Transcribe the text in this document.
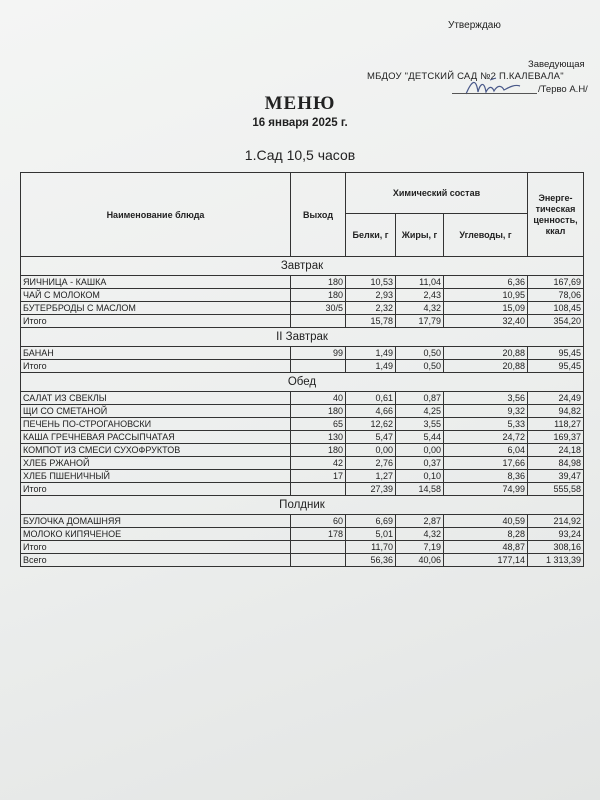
Утверждаю
Заведующая
МБДОУ "ДЕТСКИЙ САД №2 П.КАЛЕВАЛА"
/Терво А.Н/
МЕНЮ
16 января 2025 г.
1.Сад 10,5 часов
Наименование блюда	Выход	Химический состав			Энерге-
тическая
ценность,
ккал
		Белки, г	Жиры, г	Углеводы, г	
Завтрак					
ЯИЧНИЦА - КАШКА	180	10,53	11,04	6,36	167,69
ЧАЙ С МОЛОКОМ	180	2,93	2,43	10,95	78,06
БУТЕРБРОДЫ С МАСЛОМ	30/5	2,32	4,32	15,09	108,45
Итого		15,78	17,79	32,40	354,20
II Завтрак					
БАНАН	99	1,49	0,50	20,88	95,45
Итого		1,49	0,50	20,88	95,45
Обед					
САЛАТ ИЗ СВЕКЛЫ	40	0,61	0,87	3,56	24,49
ЩИ СО СМЕТАНОЙ	180	4,66	4,25	9,32	94,82
ПЕЧЕНЬ ПО-СТРОГАНОВСКИ	65	12,62	3,55	5,33	118,27
КАША ГРЕЧНЕВАЯ РАССЫПЧАТАЯ	130	5,47	5,44	24,72	169,37
КОМПОТ ИЗ СМЕСИ СУХОФРУКТОВ	180	0,00	0,00	6,04	24,18
ХЛЕБ РЖАНОЙ	42	2,76	0,37	17,66	84,98
ХЛЕБ ПШЕНИЧНЫЙ	17	1,27	0,10	8,36	39,47
Итого		27,39	14,58	74,99	555,58
Полдник					
БУЛОЧКА ДОМАШНЯЯ	60	6,69	2,87	40,59	214,92
МОЛОКО КИПЯЧЕНОЕ	178	5,01	4,32	8,28	93,24
Итого		11,70	7,19	48,87	308,16
Всего		56,36	40,06	177,14	1 313,39
